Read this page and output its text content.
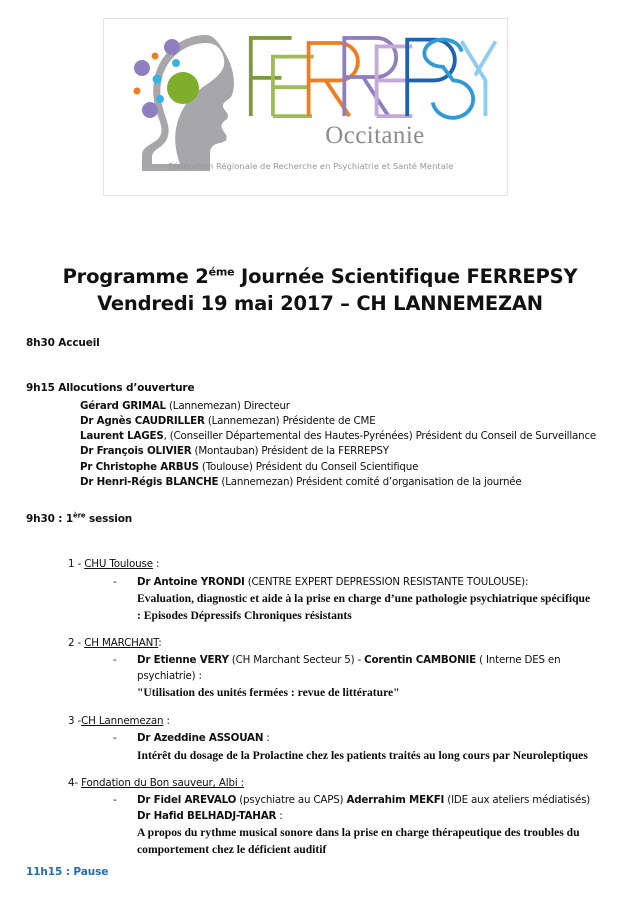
Occitanie
Fédération Régionale de Recherche en Psychiatrie et Santé Mentale
Programme $2^{éme}$ Journée Scientifique FERREPSY
Vendredi 19 mai 2017 – CH LANNEMEZAN
8h30 Accueil
9h15 Allocutions d’ouverture
Gérard GRIMAL (Lannemezan) Directeur
Dr Agnès CAUDRILLER (Lannemezan) Présidente de CME
Laurent LAGES, (Conseiller Départemental des Hautes-Pyrénées) Président du Conseil de Surveillance
Dr François OLIVIER (Montauban) Président de la FERREPSY
Pr Christophe ARBUS (Toulouse) Président du Conseil Scientifique
Dr Henri-Régis BLANCHE (Lannemezan) Président comité d’organisation de la journée
9h30 : 1ère session
1 - CHU Toulouse :
- Dr Antoine YRONDI (CENTRE EXPERT DEPRESSION RESISTANTE TOULOUSE):
Evaluation, diagnostic et aide à la prise en charge d’une pathologie psychiatrique spécifique : Episodes Dépressifs Chroniques résistants
2 - CH MARCHANT:
- Dr Etienne VERY (CH Marchant Secteur 5) - Corentin CAMBONIE ( Interne DES en psychiatrie) :
"Utilisation des unités fermées : revue de littérature"
3 -CH Lannemezan :
- Dr Azeddine ASSOUAN :
Intérêt du dosage de la Prolactine chez les patients traités au long cours par Neuroleptiques
4- Fondation du Bon sauveur, Albi :
- Dr Fidel AREVALO (psychiatre au CAPS) Aderrahim MEKFI (IDE aux ateliers médiatisés)
Dr Hafid BELHADJ-TAHAR :
A propos du rythme musical sonore dans la prise en charge thérapeutique des troubles du comportement chez le déficient auditif
11h15 : Pause
